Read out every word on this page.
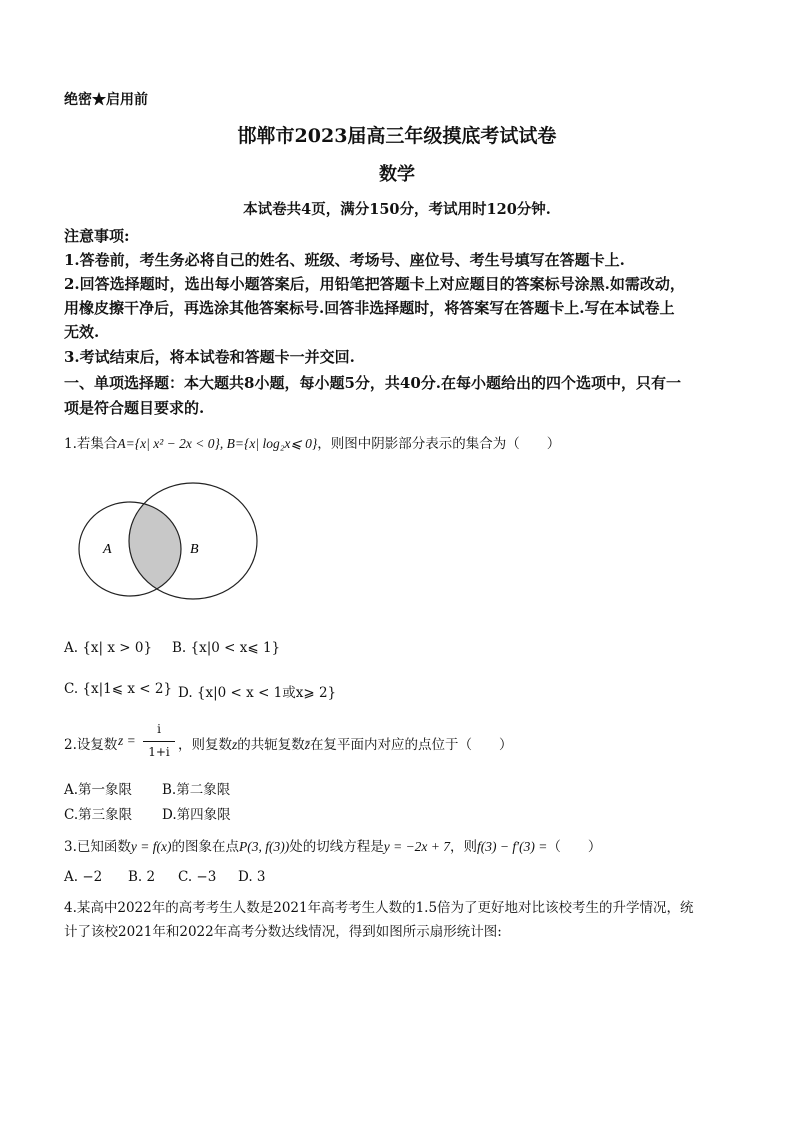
绝密★启用前
邯郸市2023届高三年级摸底考试试卷
数学
本试卷共4页，满分150分，考试用时120分钟.
注意事项:
1.答卷前，考生务必将自己的姓名、班级、考场号、座位号、考生号填写在答题卡上.
2.回答选择题时，选出每小题答案后，用铅笔把答题卡上对应题目的答案标号涂黑.如需改动，
用橡皮擦干净后，再选涂其他答案标号.回答非选择题时，将答案写在答题卡上.写在本试卷上
无效.
3.考试结束后，将本试卷和答题卡一并交回.
一、单项选择题：本大题共8小题，每小题5分，共40分.在每小题给出的四个选项中，只有一
项是符合题目要求的.
1.若集合A={x| x² − 2x < 0}, B={x| log₂x⩽ 0}，则图中阴影部分表示的集合为（　　）
A	B
A. {x| x > 0} B. {x|0 < x⩽ 1}
C. {x|1⩽ x < 2} D. {x|0 < x < 1或x⩾ 2}
2.设复数 z =
i
1+i ，则复数z的共轭复数z̄在复平面内对应的点位于（　　）
A.第一象限 B.第二象限
C.第三象限 D.第四象限
3.已知函数y = f(x)的图象在点P(3, f(3))处的切线方程是y = −2x + 7，则f(3) − f′(3) =（　　）
A. −2 B. 2 C. −3 D. 3
4.某高中2022年的高考考生人数是2021年高考考生人数的1.5倍为了更好地对比该校考生的升学情况，统
计了该校2021年和2022年高考分数达线情况，得到如图所示扇形统计图:
